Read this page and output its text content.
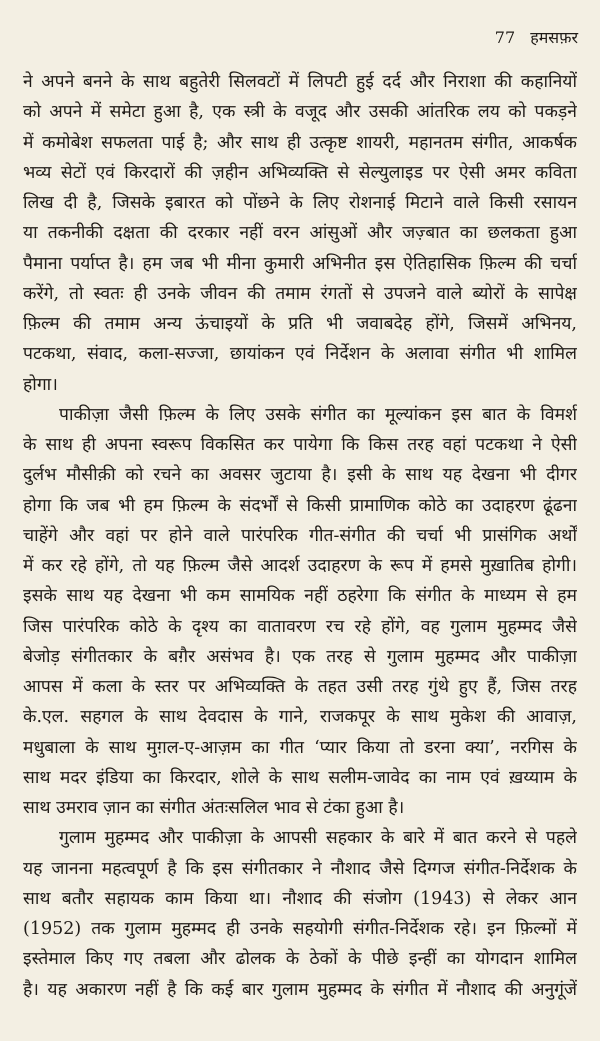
77 हमसफ़र
ने अपने बनने के साथ बहुतेरी सिलवटों में लिपटी हुई दर्द और निराशा की कहानियों
को अपने में समेटा हुआ है, एक स्त्री के वजूद और उसकी आंतरिक लय को पकड़ने
में कमोबेश सफलता पाई है; और साथ ही उत्कृष्ट शायरी, महानतम संगीत, आकर्षक
भव्य सेटों एवं किरदारों की ज़हीन अभिव्यक्ति से सेल्युलाइड पर ऐसी अमर कविता
लिख दी है, जिसके इबारत को पोंछने के लिए रोशनाई मिटाने वाले किसी रसायन
या तकनीकी दक्षता की दरकार नहीं वरन आंसुओं और जज़्बात का छलकता हुआ
पैमाना पर्याप्त है। हम जब भी मीना कुमारी अभिनीत इस ऐतिहासिक फ़िल्म की चर्चा
करेंगे, तो स्वतः ही उनके जीवन की तमाम रंगतों से उपजने वाले ब्योरों के सापेक्ष
फ़िल्म की तमाम अन्य ऊंचाइयों के प्रति भी जवाबदेह होंगे, जिसमें अभिनय,
पटकथा, संवाद, कला-सज्जा, छायांकन एवं निर्देशन के अलावा संगीत भी शामिल
होगा।
पाकीज़ा जैसी फ़िल्म के लिए उसके संगीत का मूल्यांकन इस बात के विमर्श
के साथ ही अपना स्वरूप विकसित कर पायेगा कि किस तरह वहां पटकथा ने ऐसी
दुर्लभ मौसीक़ी को रचने का अवसर जुटाया है। इसी के साथ यह देखना भी दीगर
होगा कि जब भी हम फ़िल्म के संदर्भों से किसी प्रामाणिक कोठे का उदाहरण ढूंढना
चाहेंगे और वहां पर होने वाले पारंपरिक गीत-संगीत की चर्चा भी प्रासंगिक अर्थों
में कर रहे होंगे, तो यह फ़िल्म जैसे आदर्श उदाहरण के रूप में हमसे मुख़ातिब होगी।
इसके साथ यह देखना भी कम सामयिक नहीं ठहरेगा कि संगीत के माध्यम से हम
जिस पारंपरिक कोठे के दृश्य का वातावरण रच रहे होंगे, वह गुलाम मुहम्मद जैसे
बेजोड़ संगीतकार के बग़ैर असंभव है। एक तरह से गुलाम मुहम्मद और पाकीज़ा
आपस में कला के स्तर पर अभिव्यक्ति के तहत उसी तरह गुंथे हुए हैं, जिस तरह
के.एल. सहगल के साथ देवदास के गाने, राजकपूर के साथ मुकेश की आवाज़,
मधुबाला के साथ मुग़ल-ए-आज़म का गीत ‘प्यार किया तो डरना क्या’, नरगिस के
साथ मदर इंडिया का किरदार, शोले के साथ सलीम-जावेद का नाम एवं ख़य्याम के
साथ उमराव ज़ान का संगीत अंतःसलिल भाव से टंका हुआ है।
गुलाम मुहम्मद और पाकीज़ा के आपसी सहकार के बारे में बात करने से पहले
यह जानना महत्वपूर्ण है कि इस संगीतकार ने नौशाद जैसे दिग्गज संगीत-निर्देशक के
साथ बतौर सहायक काम किया था। नौशाद की संजोग (1943) से लेकर आन
(1952) तक गुलाम मुहम्मद ही उनके सहयोगी संगीत-निर्देशक रहे। इन फ़िल्मों में
इस्तेमाल किए गए तबला और ढोलक के ठेकों के पीछे इन्हीं का योगदान शामिल
है। यह अकारण नहीं है कि कई बार गुलाम मुहम्मद के संगीत में नौशाद की अनुगूंजें
